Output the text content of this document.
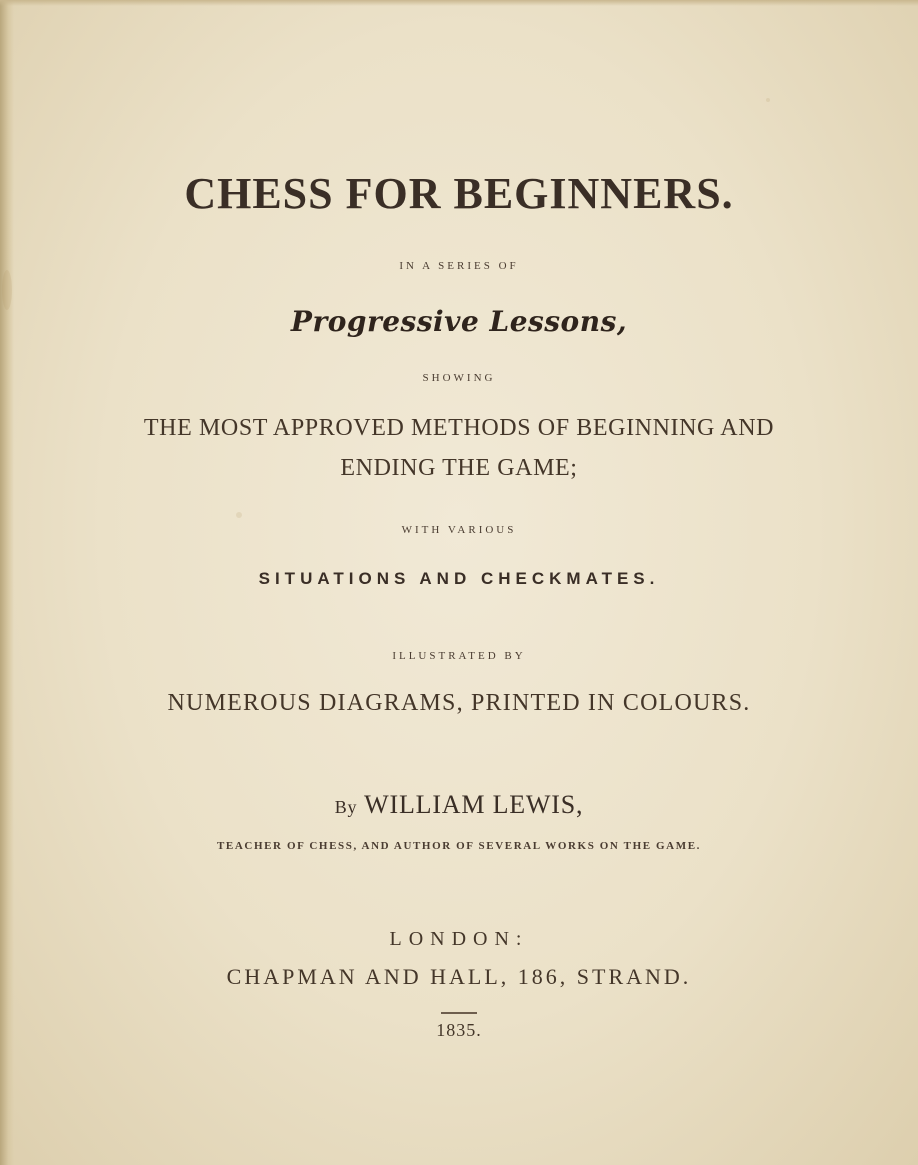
CHESS FOR BEGINNERS.

IN A SERIES OF

Progressive Lessons,

SHOWING

THE MOST APPROVED METHODS OF BEGINNING AND

ENDING THE GAME;

WITH VARIOUS

SITUATIONS AND CHECKMATES.

ILLUSTRATED BY

NUMEROUS DIAGRAMS, PRINTED IN COLOURS.

By WILLIAM LEWIS,

TEACHER OF CHESS, AND AUTHOR OF SEVERAL WORKS ON THE GAME.

LONDON:

CHAPMAN AND HALL, 186, STRAND.

1835.
